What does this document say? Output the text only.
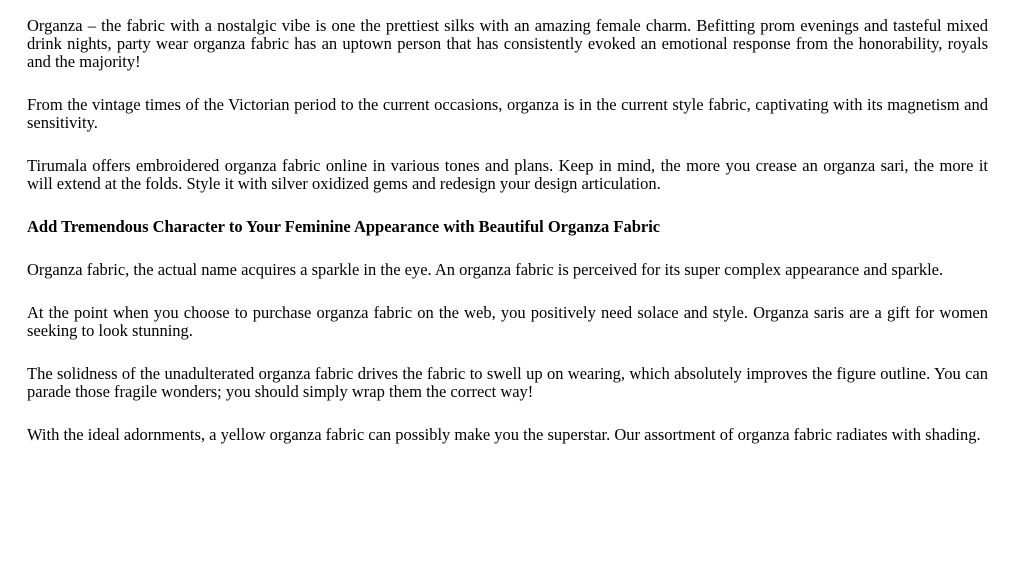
Organza – the fabric with a nostalgic vibe is one the prettiest silks with an amazing female charm. Befitting prom evenings and tasteful mixed drink nights, party wear organza fabric has an uptown person that has consistently evoked an emotional response from the honorability, royals and the majority!

From the vintage times of the Victorian period to the current occasions, organza is in the current style fabric, captivating with its magnetism and sensitivity.

Tirumala offers embroidered organza fabric online in various tones and plans. Keep in mind, the more you crease an organza sari, the more it will extend at the folds. Style it with silver oxidized gems and redesign your design articulation.

Add Tremendous Character to Your Feminine Appearance with Beautiful Organza Fabric

Organza fabric, the actual name acquires a sparkle in the eye. An organza fabric is perceived for its super complex appearance and sparkle.

At the point when you choose to purchase organza fabric on the web, you positively need solace and style. Organza saris are a gift for women seeking to look stunning.

The solidness of the unadulterated organza fabric drives the fabric to swell up on wearing, which absolutely improves the figure outline. You can parade those fragile wonders; you should simply wrap them the correct way!

With the ideal adornments, a yellow organza fabric can possibly make you the superstar. Our assortment of organza fabric radiates with shading.
